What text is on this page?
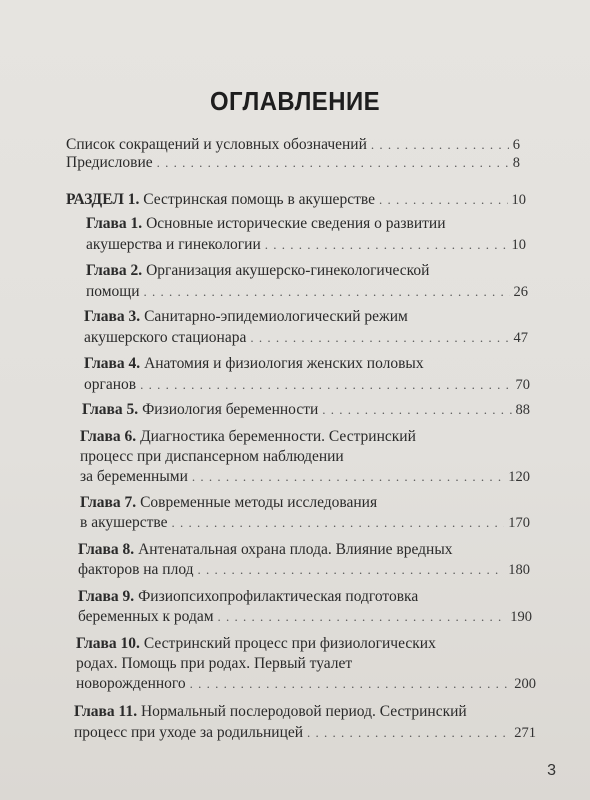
ОГЛАВЛЕНИЕ
Список сокращений и условных обозначений . . .	6
Предисловие . . .	8
РАЗДЕЛ 1. Сестринская помощь в акушерстве . . .	10
Глава 1. Основные исторические сведения о развитии
акушерства и гинекологии . . .	10
Глава 2. Организация акушерско-гинекологической
помощи . . .	26
Глава 3. Санитарно-эпидемиологический режим
акушерского стационара . . .	47
Глава 4. Анатомия и физиология женских половых
органов . . .	70
Глава 5. Физиология беременности . . .	88
Глава 6. Диагностика беременности. Сестринский
процесс при диспансерном наблюдении
за беременными . . .	120
Глава 7. Современные методы исследования
в акушерстве . . .	170
Глава 8. Антенатальная охрана плода. Влияние вредных
факторов на плод . . .	180
Глава 9. Физиопсихопрофилактическая подготовка
беременных к родам . . .	190
Глава 10. Сестринский процесс при физиологических
родах. Помощь при родах. Первый туалет
новорожденного . . .	200
Глава 11. Нормальный послеродовой период. Сестринский
процесс при уходе за родильницей . . .	271
3
